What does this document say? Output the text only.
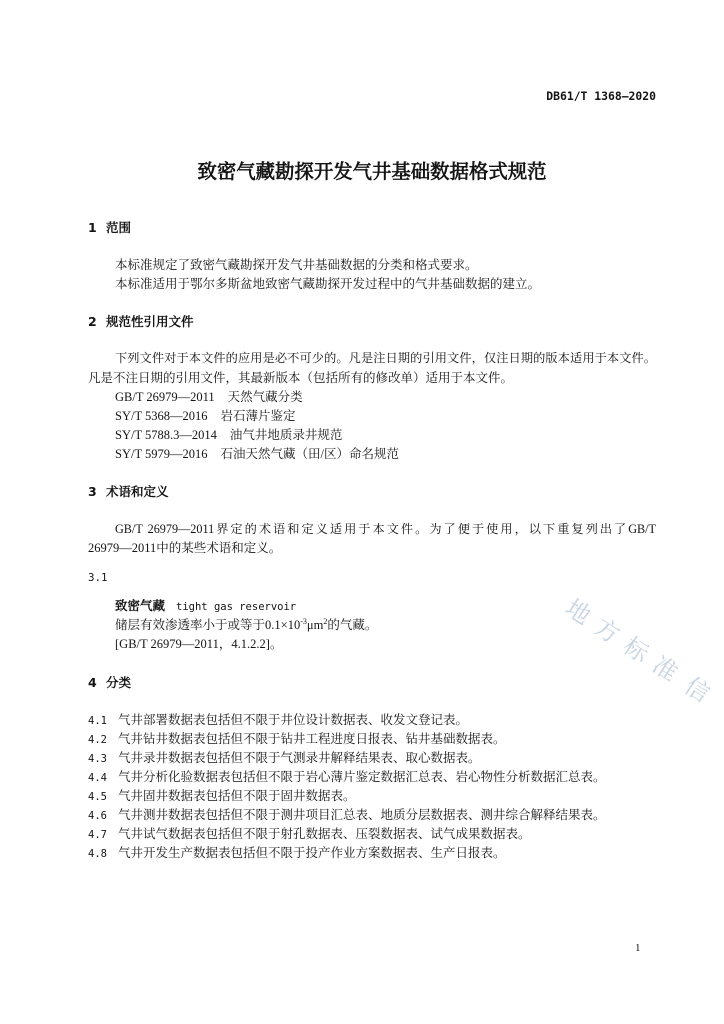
DB61/T 1368—2020
致密气藏勘探开发气井基础数据格式规范
1 范围
本标准规定了致密气藏勘探开发气井基础数据的分类和格式要求。
本标准适用于鄂尔多斯盆地致密气藏勘探开发过程中的气井基础数据的建立。
2 规范性引用文件
下列文件对于本文件的应用是必不可少的。凡是注日期的引用文件，仅注日期的版本适用于本文件。
凡是不注日期的引用文件，其最新版本（包括所有的修改单）适用于本文件。
GB/T 26979—2011 天然气藏分类
SY/T 5368—2016 岩石薄片鉴定
SY/T 5788.3—2014 油气井地质录井规范
SY/T 5979—2016 石油天然气藏（田/区）命名规范
3 术语和定义
GB/T 26979—2011界定的术语和定义适用于本文件。为了便于使用，以下重复列出了GB/T
26979—2011中的某些术语和定义。
3.1
致密气藏 tight gas reservoir
储层有效渗透率小于或等于$0.1\times 10^{-3}\mu m^2$的气藏。
[GB/T 26979—2011，4.1.2.2]。
4 分类
4.1 气井部署数据表包括但不限于井位设计数据表、收发文登记表。
4.2 气井钻井数据表包括但不限于钻井工程进度日报表、钻井基础数据表。
4.3 气井录井数据表包括但不限于气测录井解释结果表、取心数据表。
4.4 气井分析化验数据表包括但不限于岩心薄片鉴定数据汇总表、岩心物性分析数据汇总表。
4.5 气井固井数据表包括但不限于固井数据表。
4.6 气井测井数据表包括但不限于测井项目汇总表、地质分层数据表、测井综合解释结果表。
4.7 气井试气数据表包括但不限于射孔数据表、压裂数据表、试气成果数据表。
4.8 气井开发生产数据表包括但不限于投产作业方案数据表、生产日报表。
1
地
方
标
准
信
